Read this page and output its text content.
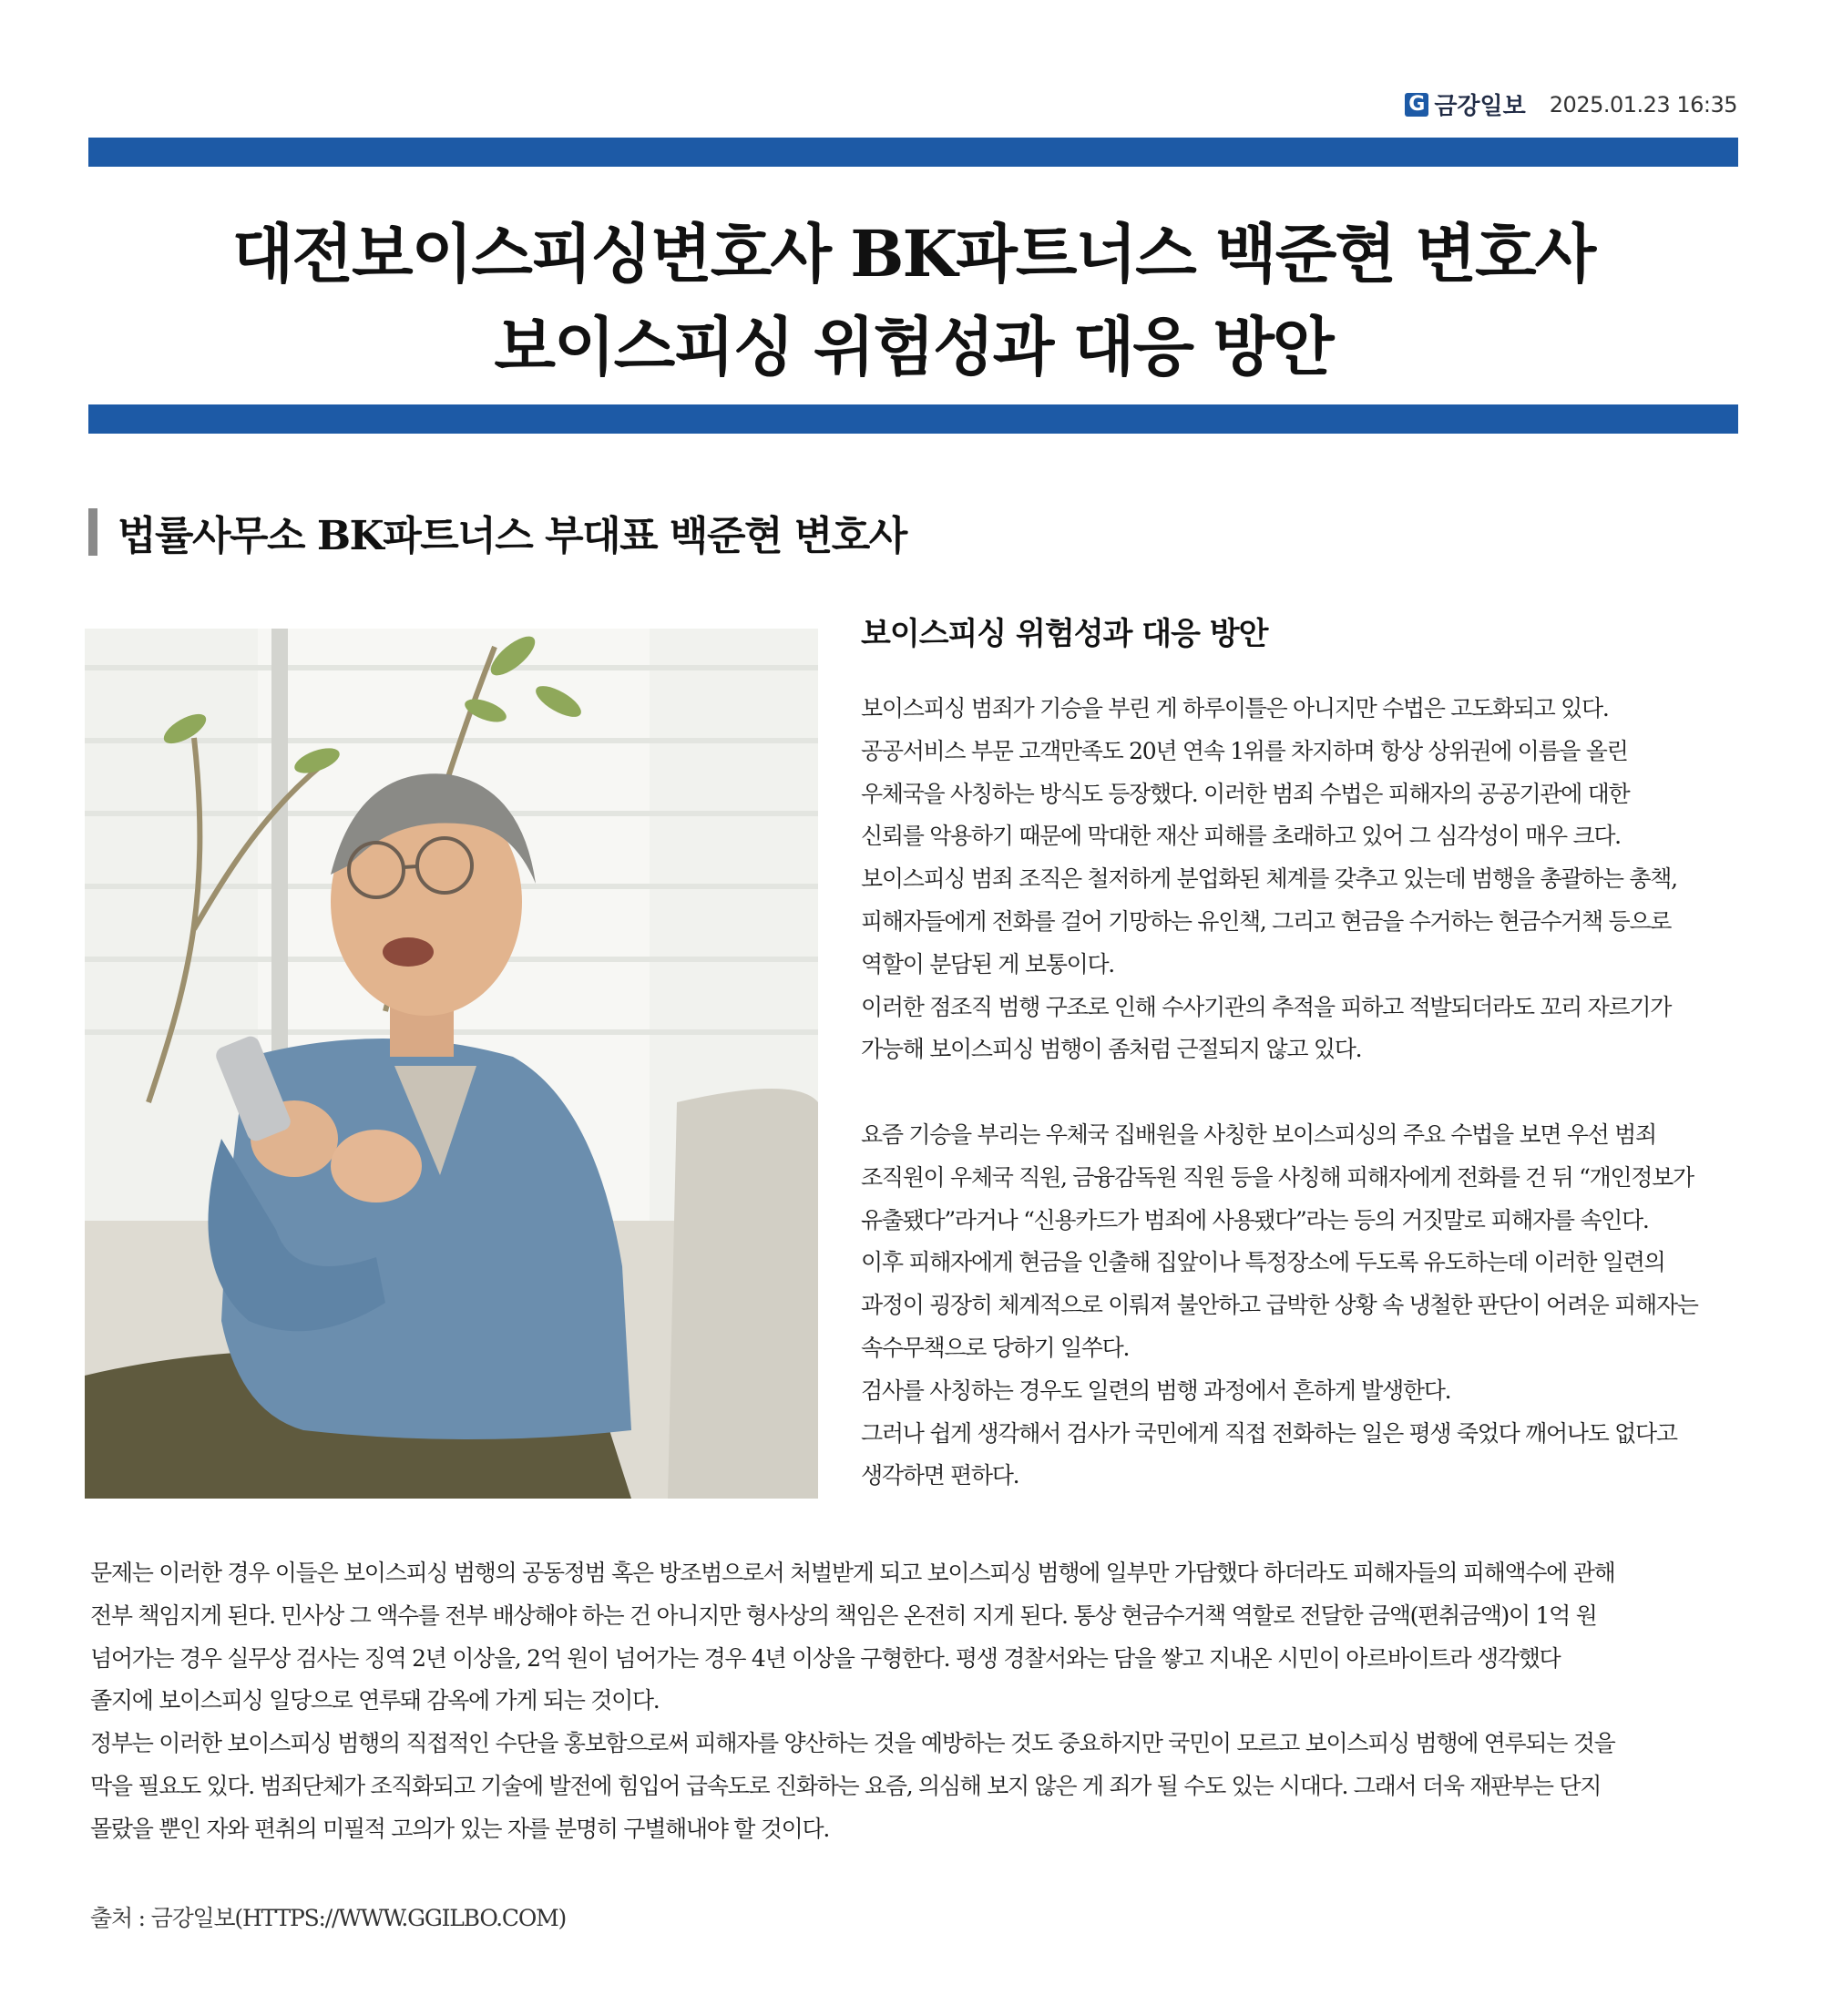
G 금강일보 2025.01.23 16:35
대전보이스피싱변호사 BK파트너스 백준현 변호사
보이스피싱 위험성과 대응 방안
법률사무소 BK파트너스 부대표 백준현 변호사
보이스피싱 위험성과 대응 방안

보이스피싱 범죄가 기승을 부린 게 하루이틀은 아니지만 수법은 고도화되고 있다.

공공서비스 부문 고객만족도 20년 연속 1위를 차지하며 항상 상위권에 이름을 올린

우체국을 사칭하는 방식도 등장했다. 이러한 범죄 수법은 피해자의 공공기관에 대한

신뢰를 악용하기 때문에 막대한 재산 피해를 초래하고 있어 그 심각성이 매우 크다.

보이스피싱 범죄 조직은 철저하게 분업화된 체계를 갖추고 있는데 범행을 총괄하는 총책,

피해자들에게 전화를 걸어 기망하는 유인책, 그리고 현금을 수거하는 현금수거책 등으로

역할이 분담된 게 보통이다.

이러한 점조직 범행 구조로 인해 수사기관의 추적을 피하고 적발되더라도 꼬리 자르기가

가능해 보이스피싱 범행이 좀처럼 근절되지 않고 있다.

요즘 기승을 부리는 우체국 집배원을 사칭한 보이스피싱의 주요 수법을 보면 우선 범죄

조직원이 우체국 직원, 금융감독원 직원 등을 사칭해 피해자에게 전화를 건 뒤 “개인정보가

유출됐다”라거나 “신용카드가 범죄에 사용됐다”라는 등의 거짓말로 피해자를 속인다.

이후 피해자에게 현금을 인출해 집앞이나 특정장소에 두도록 유도하는데 이러한 일련의

과정이 굉장히 체계적으로 이뤄져 불안하고 급박한 상황 속 냉철한 판단이 어려운 피해자는

속수무책으로 당하기 일쑤다.

검사를 사칭하는 경우도 일련의 범행 과정에서 흔하게 발생한다.

그러나 쉽게 생각해서 검사가 국민에게 직접 전화하는 일은 평생 죽었다 깨어나도 없다고

생각하면 편하다.

문제는 이러한 경우 이들은 보이스피싱 범행의 공동정범 혹은 방조범으로서 처벌받게 되고 보이스피싱 범행에 일부만 가담했다 하더라도 피해자들의 피해액수에 관해

전부 책임지게 된다. 민사상 그 액수를 전부 배상해야 하는 건 아니지만 형사상의 책임은 온전히 지게 된다. 통상 현금수거책 역할로 전달한 금액(편취금액)이 1억 원

넘어가는 경우 실무상 검사는 징역 2년 이상을, 2억 원이 넘어가는 경우 4년 이상을 구형한다. 평생 경찰서와는 담을 쌓고 지내온 시민이 아르바이트라 생각했다

졸지에 보이스피싱 일당으로 연루돼 감옥에 가게 되는 것이다.

정부는 이러한 보이스피싱 범행의 직접적인 수단을 홍보함으로써 피해자를 양산하는 것을 예방하는 것도 중요하지만 국민이 모르고 보이스피싱 범행에 연루되는 것을

막을 필요도 있다. 범죄단체가 조직화되고 기술에 발전에 힘입어 급속도로 진화하는 요즘, 의심해 보지 않은 게 죄가 될 수도 있는 시대다. 그래서 더욱 재판부는 단지

몰랐을 뿐인 자와 편취의 미필적 고의가 있는 자를 분명히 구별해내야 할 것이다.

출처 : 금강일보(HTTPS://WWW.GGILBO.COM)
